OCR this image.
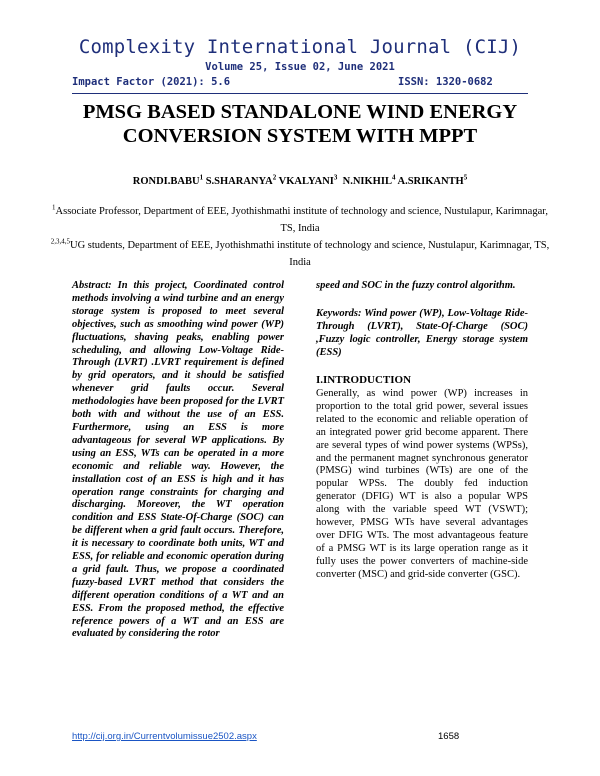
Complexity International Journal (CIJ)
Volume 25, Issue 02, June 2021
Impact Factor (2021): 5.6	ISSN: 1320-0682
PMSG BASED STANDALONE WIND ENERGY CONVERSION SYSTEM WITH MPPT
RONDI.BABU$^1$ S.SHARANYA$^2$ VKALYANI$^3$ N.NIKHIL$^4$ A.SRIKANTH$^5$
$^1$Associate Professor, Department of EEE, Jyothishmathi institute of technology and science, Nustulapur, Karimnagar, TS, India
$^{2,3,4,5}$UG students, Department of EEE, Jyothishmathi institute of technology and science, Nustulapur, Karimnagar, TS, India
Abstract: In this project, Coordinated control methods involving a wind turbine and an energy storage system is proposed to meet several objectives, such as smoothing wind power (WP) fluctuations, shaving peaks, enabling power scheduling, and allowing Low-Voltage Ride-Through (LVRT) .LVRT requirement is defined by grid operators, and it should be satisfied whenever grid faults occur. Several methodologies have been proposed for the LVRT both with and without the use of an ESS. Furthermore, using an ESS is more advantageous for several WP applications. By using an ESS, WTs can be operated in a more economic and reliable way. However, the installation cost of an ESS is high and it has operation range constraints for charging and discharging. Moreover, the WT operation condition and ESS State-Of-Charge (SOC) can be different when a grid fault occurs. Therefore, it is necessary to coordinate both units, WT and ESS, for reliable and economic operation during a grid fault. Thus, we propose a coordinated fuzzy-based LVRT method that considers the different operation conditions of a WT and an ESS. From the proposed method, the effective reference powers of a WT and an ESS are evaluated by considering the rotor
speed and SOC in the fuzzy control algorithm.
Keywords: Wind power (WP), Low-Voltage Ride-Through (LVRT), State-Of-Charge (SOC) ,Fuzzy logic controller, Energy storage system (ESS)
I.INTRODUCTION
Generally, as wind power (WP) increases in proportion to the total grid power, several issues related to the economic and reliable operation of an integrated power grid become apparent. There are several types of wind power systems (WPSs), and the permanent magnet synchronous generator (PMSG) wind turbines (WTs) are one of the popular WPSs. The doubly fed induction generator (DFIG) WT is also a popular WPS along with the variable speed WT (VSWT); however, PMSG WTs have several advantages over DFIG WTs. The most advantageous feature of a PMSG WT is its large operation range as it fully uses the power converters of machine-side converter (MSC) and grid-side converter (GSC).
http://cij.org.in/Currentvolumissue2502.aspx	1658
